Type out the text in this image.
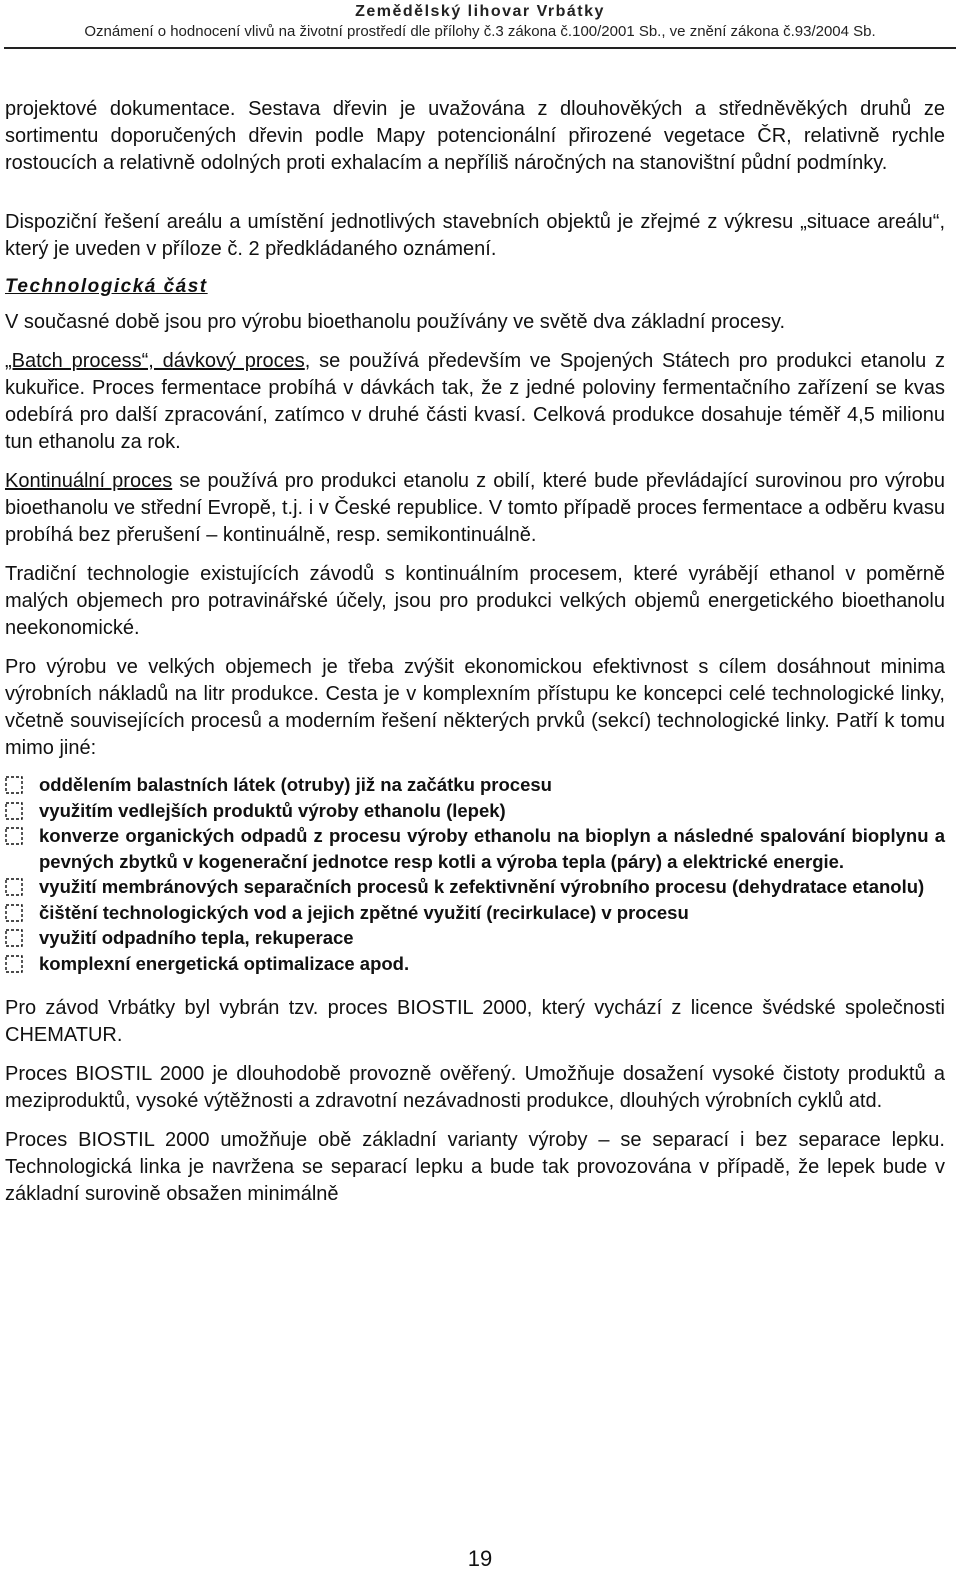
Zemědělský lihovar Vrbátky
Oznámení o hodnocení vlivů na životní prostředí dle přílohy č.3 zákona č.100/2001 Sb., ve znění zákona č.93/2004 Sb.

projektové dokumentace. Sestava dřevin je uvažována z dlouhověkých a středněvěkých druhů ze sortimentu doporučených dřevin podle Mapy potencionální přirozené vegetace ČR, relativně rychle rostoucích a relativně odolných proti exhalacím a nepříliš náročných na stanovištní půdní podmínky.

Dispoziční řešení areálu a umístění jednotlivých stavebních objektů je zřejmé z výkresu „situace areálu“, který je uveden v příloze č. 2 předkládaného oznámení.

Technologická část

V současné době jsou pro výrobu bioethanolu používány ve světě dva základní procesy.

„Batch process“, dávkový proces, se používá především ve Spojených Státech pro produkci etanolu z kukuřice. Proces fermentace probíhá v dávkách tak, že z jedné poloviny fermentačního zařízení se kvas odebírá pro další zpracování, zatímco v druhé části kvasí. Celková produkce dosahuje téměř 4,5 milionu tun ethanolu za rok.

Kontinuální proces se používá pro produkci etanolu z obilí, které bude převládající surovinou pro výrobu bioethanolu ve střední Evropě, t.j. i v České republice. V tomto případě proces fermentace a odběru kvasu probíhá bez přerušení – kontinuálně, resp. semikontinuálně.

Tradiční technologie existujících závodů s kontinuálním procesem, které vyrábějí ethanol v poměrně malých objemech pro potravinářské účely, jsou pro produkci velkých objemů energetického bioethanolu neekonomické.

Pro výrobu ve velkých objemech je třeba zvýšit ekonomickou efektivnost s cílem dosáhnout minima výrobních nákladů na litr produkce. Cesta je v komplexním přístupu ke koncepci celé technologické linky, včetně souvisejících procesů a moderním řešení některých prvků (sekcí) technologické linky. Patří k tomu mimo jiné:

oddělením balastních látek (otruby) již na začátku procesu
využitím vedlejších produktů výroby ethanolu (lepek)
konverze organických odpadů z procesu výroby ethanolu na bioplyn a následné spalování bioplynu a pevných zbytků v kogenerační jednotce resp kotli a výroba tepla (páry) a elektrické energie.
využití membránových separačních procesů k zefektivnění výrobního procesu (dehydratace etanolu)
čištění technologických vod a jejich zpětné využití (recirkulace) v procesu
využití odpadního tepla, rekuperace
komplexní energetická optimalizace apod.

Pro závod Vrbátky byl vybrán tzv. proces BIOSTIL 2000, který vychází z licence švédské společnosti CHEMATUR.

Proces BIOSTIL 2000 je dlouhodobě provozně ověřený. Umožňuje dosažení vysoké čistoty produktů a meziproduktů, vysoké výtěžnosti a zdravotní nezávadnosti produkce, dlouhých výrobních cyklů atd.

Proces BIOSTIL 2000 umožňuje obě základní varianty výroby – se separací i bez separace lepku. Technologická linka je navržena se separací lepku a bude tak provozována v případě, že lepek bude v základní surovině obsažen minimálně

19
